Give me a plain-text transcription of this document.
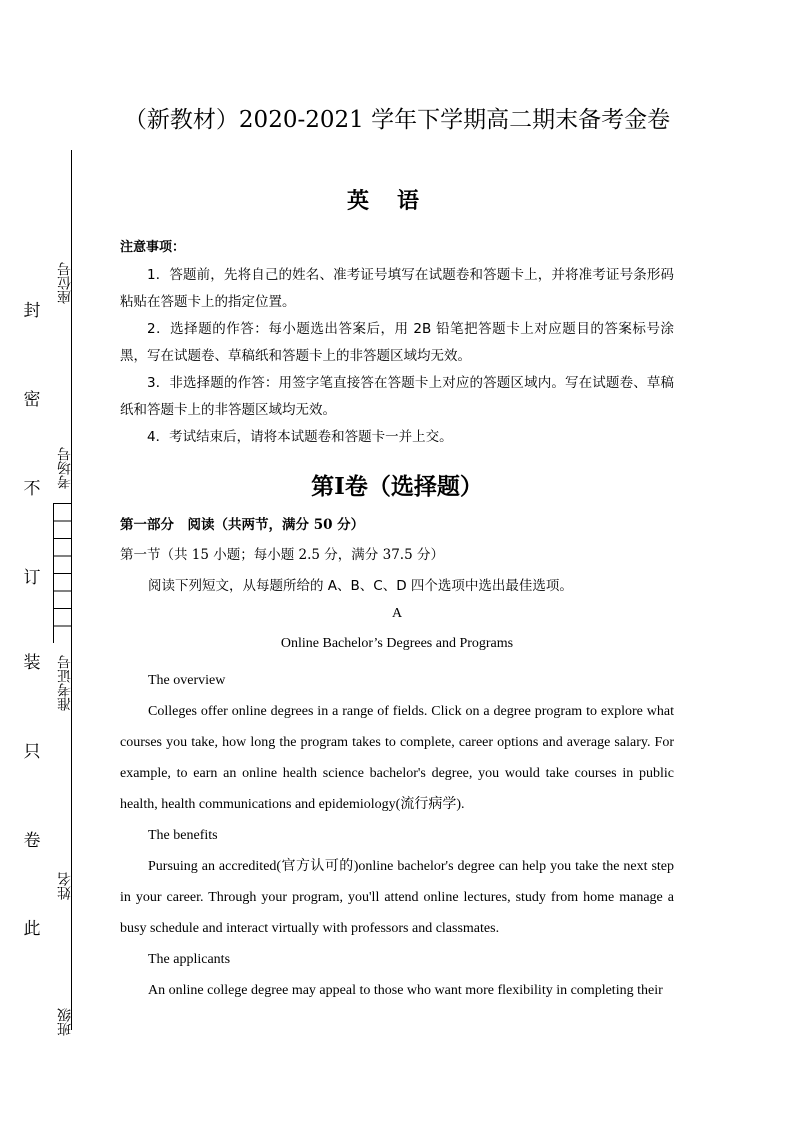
座位号
考场号
准考证号
姓名
班级
封
密
不
订
装
只
卷
此
（新教材）2020-2021 学年下学期高二期末备考金卷
英语
注意事项：

1．答题前，先将自己的姓名、准考证号填写在试题卷和答题卡上，并将准考证号条形码粘贴在答题卡上的指定位置。

2．选择题的作答：每小题选出答案后，用 2B 铅笔把答题卡上对应题目的答案标号涂黑，写在试题卷、草稿纸和答题卡上的非答题区域均无效。

3．非选择题的作答：用签字笔直接答在答题卡上对应的答题区域内。写在试题卷、草稿纸和答题卡上的非答题区域均无效。

4．考试结束后，请将本试题卷和答题卡一并上交。

第Ⅰ卷（选择题）
第一部分　阅读（共两节，满分 50 分）
第一节（共 15 小题；每小题 2.5 分，满分 37.5 分）
阅读下列短文，从每题所给的 A、B、C、D 四个选项中选出最佳选项。
A
Online Bachelor’s Degrees and Programs

The overview

Colleges offer online degrees in a range of fields. Click on a degree program to explore what courses you take, how long the program takes to complete, career options and average salary. For example, to earn an online health science bachelor's degree, you would take courses in public health, health communications and epidemiology(流行病学).

The benefits

Pursuing an accredited(官方认可的)online bachelor's degree can help you take the next step in your career. Through your program, you'll attend online lectures, study from home manage a busy schedule and interact virtually with professors and classmates.

The applicants

An online college degree may appeal to those who want more flexibility in completing their
